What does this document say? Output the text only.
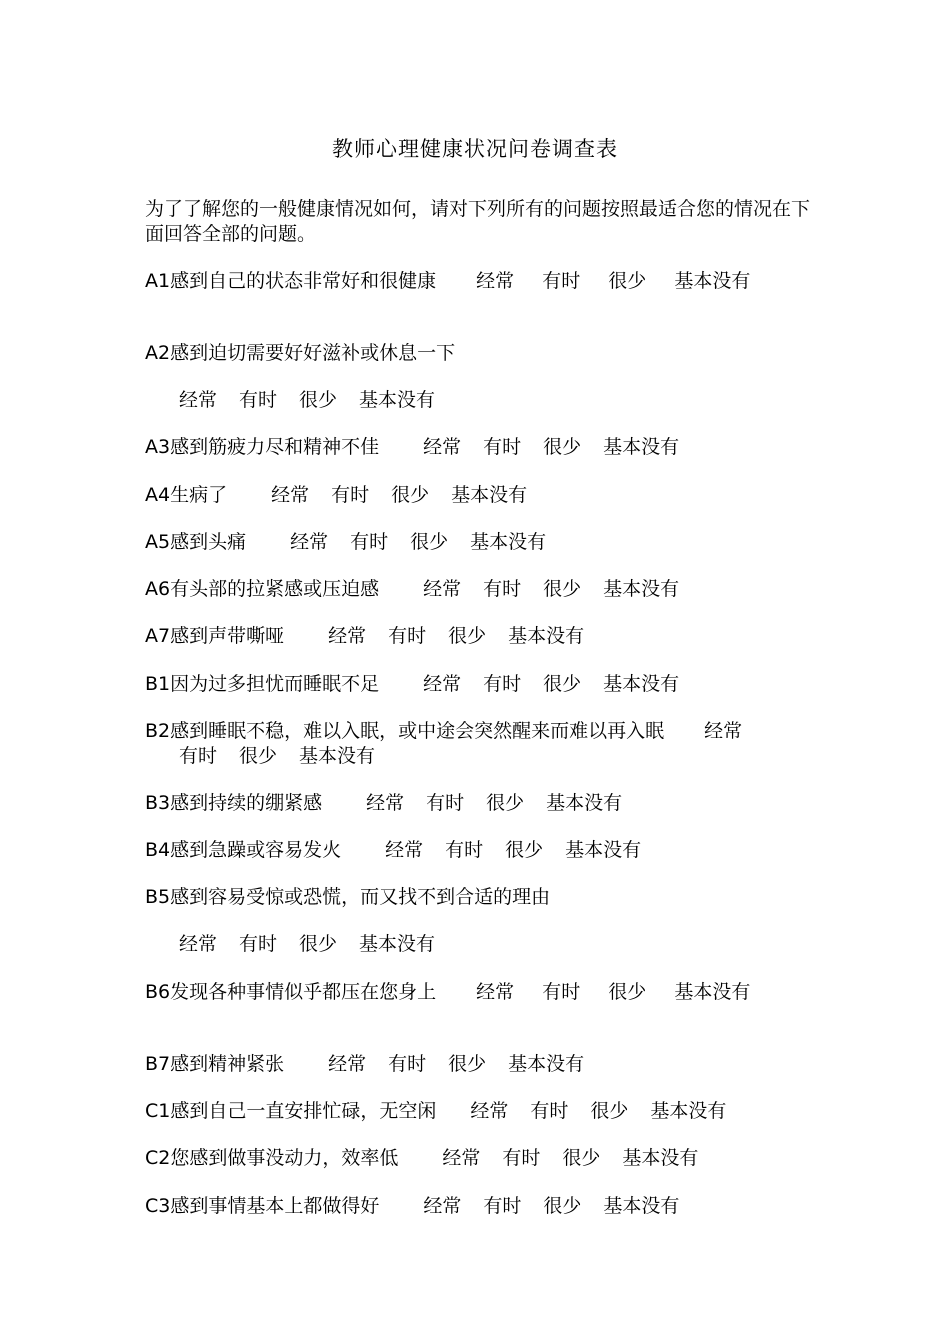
教师心理健康状况问卷调查表
为了了解您的一般健康情况如何，请对下列所有的问题按照最适合您的情况在下面回答全部的问题。
A1感到自己的状态非常好和很健康 经常 有时 很少 基本没有
A2感到迫切需要好好滋补或休息一下
经常 有时 很少 基本没有
A3感到筋疲力尽和精神不佳 经常 有时 很少 基本没有
A4生病了 经常 有时 很少 基本没有
A5感到头痛 经常 有时 很少 基本没有
A6有头部的拉紧感或压迫感 经常 有时 很少 基本没有
A7感到声带嘶哑 经常 有时 很少 基本没有
B1因为过多担忧而睡眠不足 经常 有时 很少 基本没有
B2感到睡眠不稳，难以入眠，或中途会突然醒来而难以再入眠 经常
有时 很少 基本没有
B3感到持续的绷紧感 经常 有时 很少 基本没有
B4感到急躁或容易发火 经常 有时 很少 基本没有
B5感到容易受惊或恐慌，而又找不到合适的理由
经常 有时 很少 基本没有
B6发现各种事情似乎都压在您身上 经常 有时 很少 基本没有
B7感到精神紧张 经常 有时 很少 基本没有
C1感到自己一直安排忙碌，无空闲 经常 有时 很少 基本没有
C2您感到做事没动力，效率低 经常 有时 很少 基本没有
C3感到事情基本上都做得好 经常 有时 很少 基本没有
